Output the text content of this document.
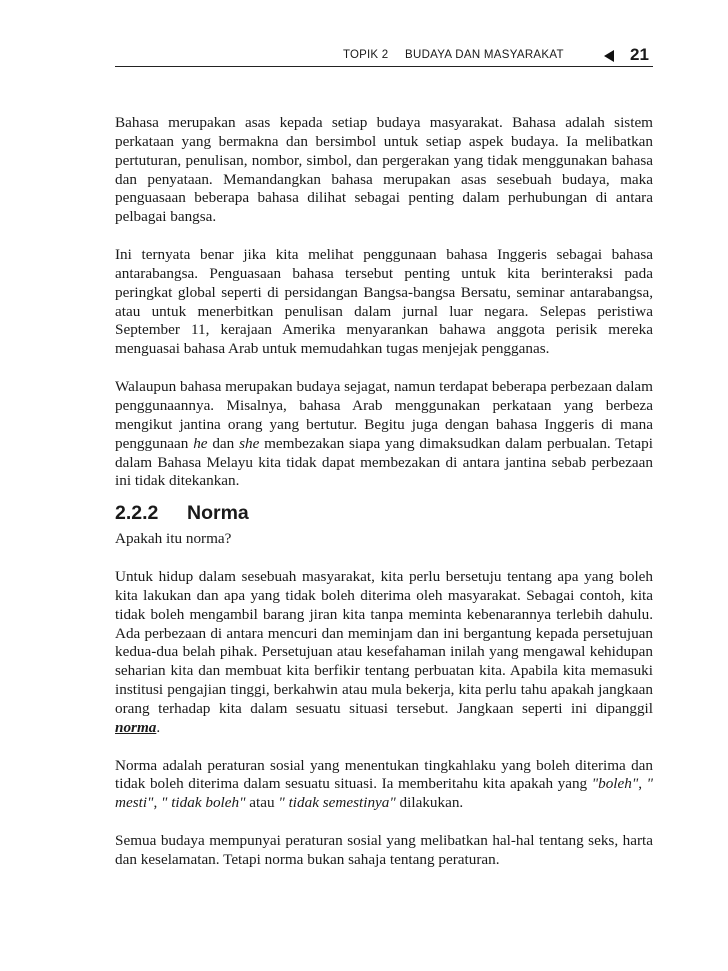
TOPIK 2 BUDAYA DAN MASYARAKAT	21

Bahasa merupakan asas kepada setiap budaya masyarakat. Bahasa adalah sistem perkataan yang bermakna dan bersimbol untuk setiap aspek budaya. Ia melibatkan pertuturan, penulisan, nombor, simbol, dan pergerakan yang tidak menggunakan bahasa dan penyataan. Memandangkan bahasa merupakan asas sesebuah budaya, maka penguasaan beberapa bahasa dilihat sebagai penting dalam perhubungan di antara pelbagai bangsa.

Ini ternyata benar jika kita melihat penggunaan bahasa Inggeris sebagai bahasa antarabangsa. Penguasaan bahasa tersebut penting untuk kita berinteraksi pada peringkat global seperti di persidangan Bangsa-bangsa Bersatu, seminar antarabangsa, atau untuk menerbitkan penulisan dalam jurnal luar negara. Selepas peristiwa September 11, kerajaan Amerika menyarankan bahawa anggota perisik mereka menguasai bahasa Arab untuk memudahkan tugas menjejak pengganas.

Walaupun bahasa merupakan budaya sejagat, namun terdapat beberapa perbezaan dalam penggunaannya. Misalnya, bahasa Arab menggunakan perkataan yang berbeza mengikut jantina orang yang bertutur. Begitu juga dengan bahasa Inggeris di mana penggunaan he dan she membezakan siapa yang dimaksudkan dalam perbualan. Tetapi dalam Bahasa Melayu kita tidak dapat membezakan di antara jantina sebab perbezaan ini tidak ditekankan.

2.2.2 Norma

Apakah itu norma?

Untuk hidup dalam sesebuah masyarakat, kita perlu bersetuju tentang apa yang boleh kita lakukan dan apa yang tidak boleh diterima oleh masyarakat. Sebagai contoh, kita tidak boleh mengambil barang jiran kita tanpa meminta kebenarannya terlebih dahulu. Ada perbezaan di antara mencuri dan meminjam dan ini bergantung kepada persetujuan kedua-dua belah pihak. Persetujuan atau kesefahaman inilah yang mengawal kehidupan seharian kita dan membuat kita berfikir tentang perbuatan kita. Apabila kita memasuki institusi pengajian tinggi, berkahwin atau mula bekerja, kita perlu tahu apakah jangkaan orang terhadap kita dalam sesuatu situasi tersebut. Jangkaan seperti ini dipanggil norma.

Norma adalah peraturan sosial yang menentukan tingkahlaku yang boleh diterima dan tidak boleh diterima dalam sesuatu situasi. Ia memberitahu kita apakah yang "boleh", " mesti", " tidak boleh" atau " tidak semestinya" dilakukan.

Semua budaya mempunyai peraturan sosial yang melibatkan hal-hal tentang seks, harta dan keselamatan. Tetapi norma bukan sahaja tentang peraturan.
